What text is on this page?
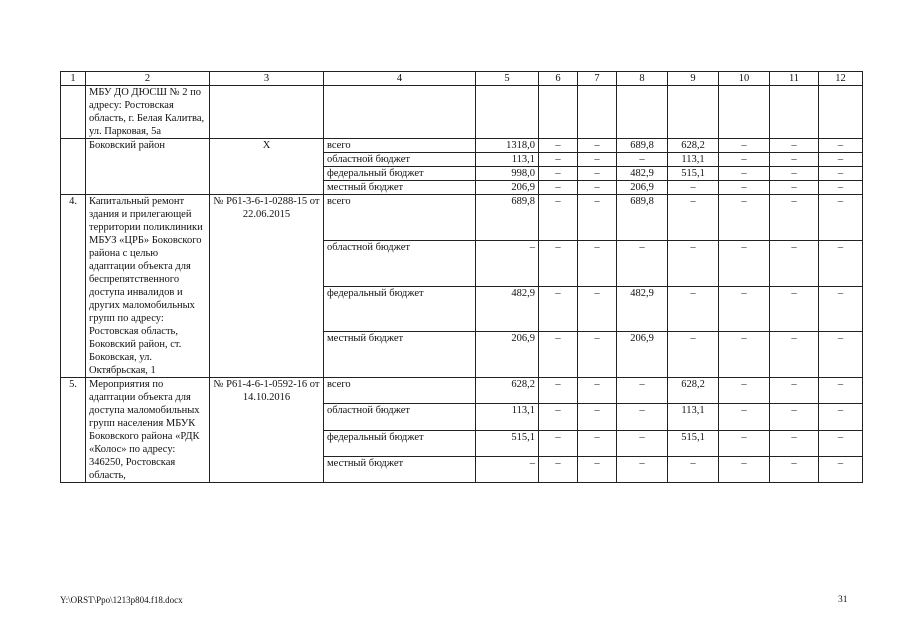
1	2	3	4	5	6	7	8	9	10	11	12
	МБУ ДО ДЮСШ № 2 по адресу: Ростовская область, г. Белая Калитва, ул. Парковая, 5а										
	Боковский район	Х	всего	1318,0	–	–	689,8	628,2	–	–	–
			областной бюджет	113,1	–	–	–	113,1	–	–	–
			федеральный бюджет	998,0	–	–	482,9	515,1	–	–	–
			местный бюджет	206,9	–	–	206,9	–	–	–	–
4.	Капитальный ремонт здания и прилегающей территории поликлиники МБУЗ «ЦРБ» Боковского района с целью адаптации объекта для беспрепятственного доступа инвалидов и других маломобильных групп по адресу: Ростовская область, Боковский район, ст. Боковская, ул. Октябрьская, 1	№ Р61-3-6-1-0288-15 от 22.06.2015	всего	689,8	–	–	689,8	–	–	–	–
			областной бюджет	–	–	–	–	–	–	–	–
			федеральный бюджет	482,9	–	–	482,9	–	–	–	–
			местный бюджет	206,9	–	–	206,9	–	–	–	–
5.	Мероприятия по адаптации объекта для доступа маломобильных групп населения МБУК Боковского района «РДК «Колос» по адресу: 346250, Ростовская область,	№ Р61-4-6-1-0592-16 от 14.10.2016	всего	628,2	–	–	–	628,2	–	–	–
			областной бюджет	113,1	–	–	–	113,1	–	–	–
			федеральный бюджет	515,1	–	–	–	515,1	–	–	–
			местный бюджет	–	–	–	–	–	–	–	–
Y:\ORST\Ppo\1213p804.f18.docx	31
